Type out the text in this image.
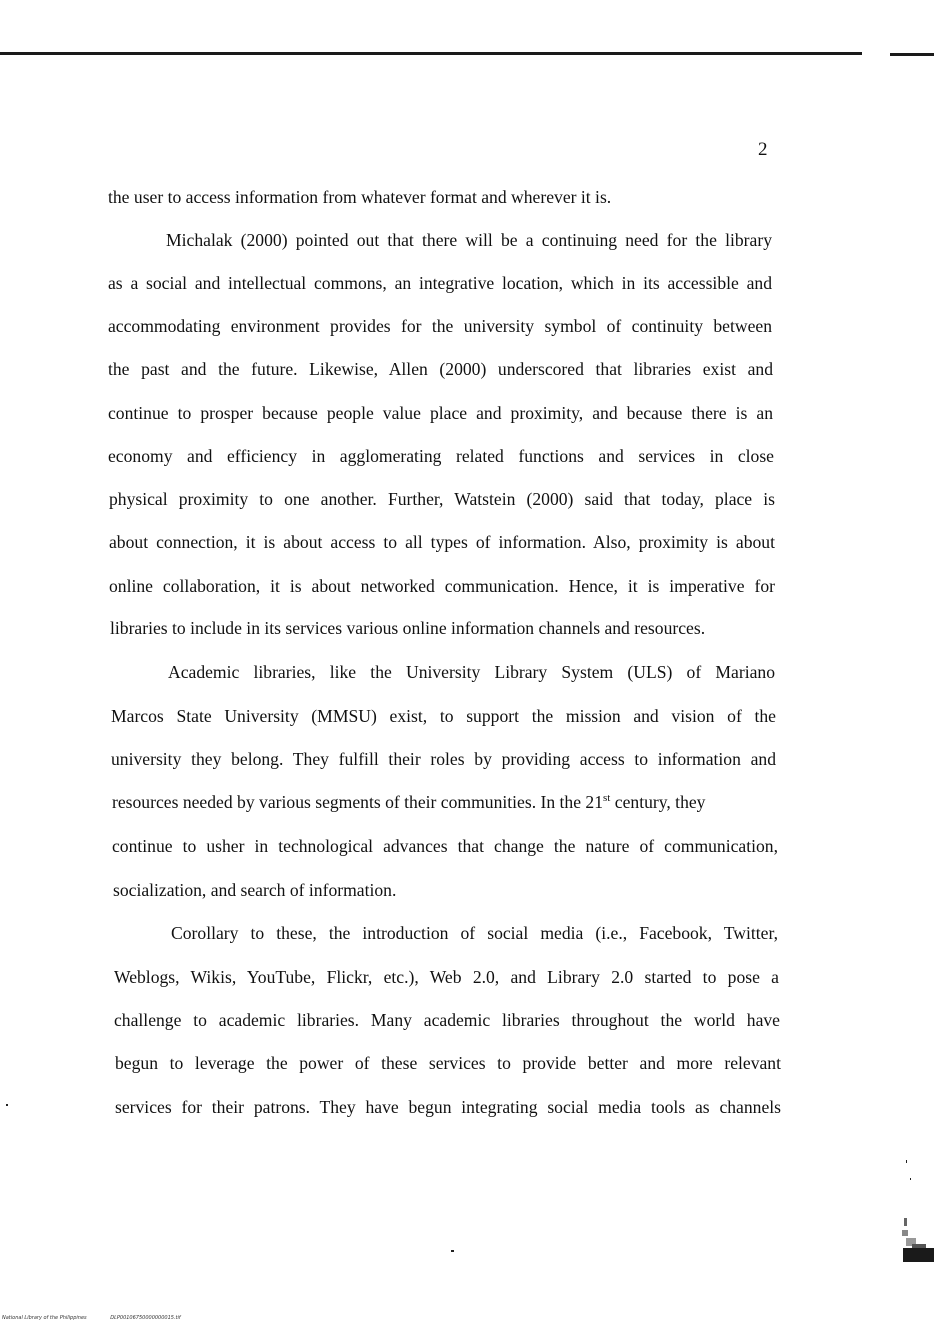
2
the user to access information from whatever format and wherever it is.
Michalak (2000) pointed out that there will be a continuing need for the library
as a social and intellectual commons, an integrative location, which in its accessible and
accommodating environment provides for the university symbol of continuity between
the past and the future. Likewise, Allen (2000) underscored that libraries exist and
continue to prosper because people value place and proximity, and because there is an
economy and efficiency in agglomerating related functions and services in close
physical proximity to one another. Further, Watstein (2000) said that today, place is
about connection, it is about access to all types of information. Also, proximity is about
online collaboration, it is about networked communication. Hence, it is imperative for
libraries to include in its services various online information channels and resources.
Academic libraries, like the University Library System (ULS) of Mariano
Marcos State University (MMSU) exist, to support the mission and vision of the
university they belong. They fulfill their roles by providing access to information and
resources needed by various segments of their communities. In the 21st century, they
continue to usher in technological advances that change the nature of communication,
socialization, and search of information.
Corollary to these, the introduction of social media (i.e., Facebook, Twitter,
Weblogs, Wikis, YouTube, Flickr, etc.), Web 2.0, and Library 2.0 started to pose a
challenge to academic libraries. Many academic libraries throughout the world have
begun to leverage the power of these services to provide better and more relevant
services for their patrons. They have begun integrating social media tools as channels
National Library of the Philippines	DLP00106750000000015.tif
